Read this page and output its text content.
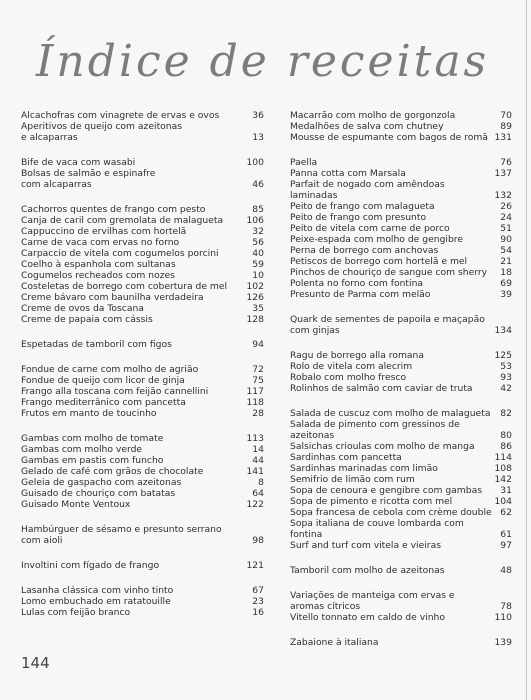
Índice de receitas
Alcachofras com vinagrete de ervas e ovos	36
Aperitivos de queijo com azeitonas
e alcaparras	13
Bife de vaca com wasabi	100
Bolsas de salmão e espinafre
com alcaparras	46
Cachorros quentes de frango com pesto	85
Canja de caril com gremolata de malagueta	106
Cappuccino de ervilhas com hortelã	32
Carne de vaca com ervas no forno	56
Carpaccio de vitela com cogumelos porcini	40
Coelho à espanhola com sultanas	59
Cogumelos recheados com nozes	10
Costeletas de borrego com cobertura de mel 102
Creme bávaro com baunilha verdadeira	126
Creme de ovos da Toscana	35
Creme de papaia com cássis	128
Espetadas de tamboril com figos	94
Fondue de carne com molho de agrião	72
Fondue de queijo com licor de ginja	75
Frango alla toscana com feijão cannellini	117
Frango mediterrânico com pancetta	118
Frutos em manto de toucinho	28
Gambas com molho de tomate	113
Gambas com molho verde	14
Gambas em pastis com funcho	44
Gelado de café com grãos de chocolate	141
Geleia de gaspacho com azeitonas	8
Guisado de chouriço com batatas	64
Guisado Monte Ventoux	122
Hambúrguer de sésamo e presunto serrano
com aioli	98
Involtini com fígado de frango	121
Lasanha clássica com vinho tinto	67
Lomo embuchado em ratatouille	23
Lulas com feijão branco	16
Macarrão com molho de gorgonzola	70
Medalhões de salva com chutney	89
Mousse de espumante com bagos de romã 131
Paella	76
Panna cotta com Marsala	137
Parfait de nogado com amêndoas laminadas	132
Peito de frango com malagueta	26
Peito de frango com presunto	24
Peito de vitela com carne de porco	51
Peixe-espada com molho de gengibre	90
Perna de borrego com anchovas	54
Petiscos de borrego com hortelã e mel	21
Pinchos de chouriço de sangue com sherry	18
Polenta no forno com fontina	69
Presunto de Parma com melão	39
Quark de sementes de papoila e maçapão
com ginjas	134
Ragu de borrego alla romana	125
Rolo de vitela com alecrim	53
Robalo com molho fresco	93
Rolinhos de salmão com caviar de truta	42
Salada de cuscuz com molho de malagueta	82
Salada de pimento com gressinos de azeitonas	80
Salsichas crioulas com molho de manga	86
Sardinhas com pancetta	114
Sardinhas marinadas com limão	108
Semifrio de limão com rum	142
Sopa de cenoura e gengibre com gambas	31
Sopa de pimento e ricotta com mel	104
Sopa francesa de cebola com crème double 62
Sopa italiana de couve lombarda com fontina	61
Surf and turf com vitela e vieiras	97
Tamboril com molho de azeitonas	48
Variações de manteiga com ervas e
aromas cítricos	78
Vitello tonnato em caldo de vinho	110
Zabaione à italiana	139
144
